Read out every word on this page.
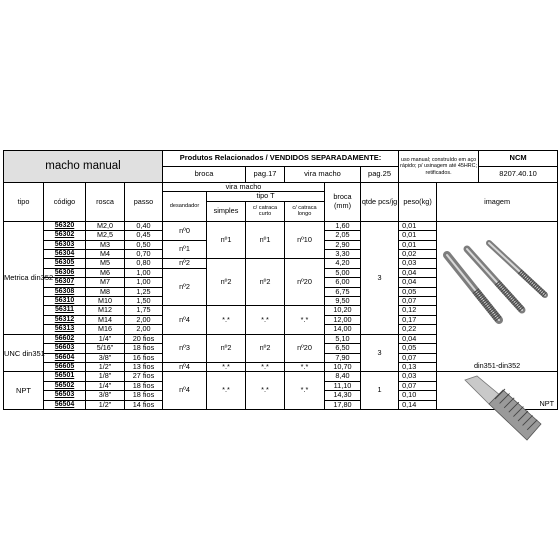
macho manual				Produtos Relacionados / VENDIDOS SEPARADAMENTE:						uso manual; construído em aço rápido; p/ usinagem até 45HRC; retificados.		NCM
				broca		pag.17	vira macho		pag.25			8207.40.10
tipo	código	rosca	passo	vira macho				broca (mm)	qtde pcs/jg	peso(kg)	imagem	
				desandador	tipo T							
					simples	c/ catraca curto	c/ catraca longo					
Metrica din352	56320	M2,0	0,40	nº0	nº1	nº1	nº10	1,60	3	0,01	din351-din352	

	56302	M2,5	0,45					2,05		0,01		
	56303	M3	0,50	nº1				2,90		0,01		
	56304	M4	0,70					3,30		0,02		
	56305	M5	0,80	nº2	nº2	nº2	nº20	4,20		0,03		
	56306	M6	1,00	nº2				5,00		0,04		
	56307	M7	1,00					6,00		0,04		
	56308	M8	1,25					6,75		0,05		
	56310	M10	1,50					9,50		0,07		
	56311	M12	1,75	nº4	*.*	*.*	*.*	10,20		0,12		
	56312	M14	2,00					12,00		0,17		
	56313	M16	2,00					14,00		0,22		
UNC din351	56602	1/4"	20 fios	nº3	nº2	nº2	nº20	5,10	3	0,04		
	56603	5/16"	18 fios					6,50		0,05		
	56604	3/8"	16 fios					7,90		0,07		
	56605	1/2"	13 fios	nº4	*.*	*.*	*.*	10,70		0,13		
NPT	56501	1/8"	27 fios	nº4	*.*	*.*	*.*	8,40	1	0,03	NPT	

	56502	1/4"	18 fios					11,10		0,07		
	56503	3/8"	18 fios					14,30		0,10		
	56504	1/2"	14 fios					17,80		0,14		
